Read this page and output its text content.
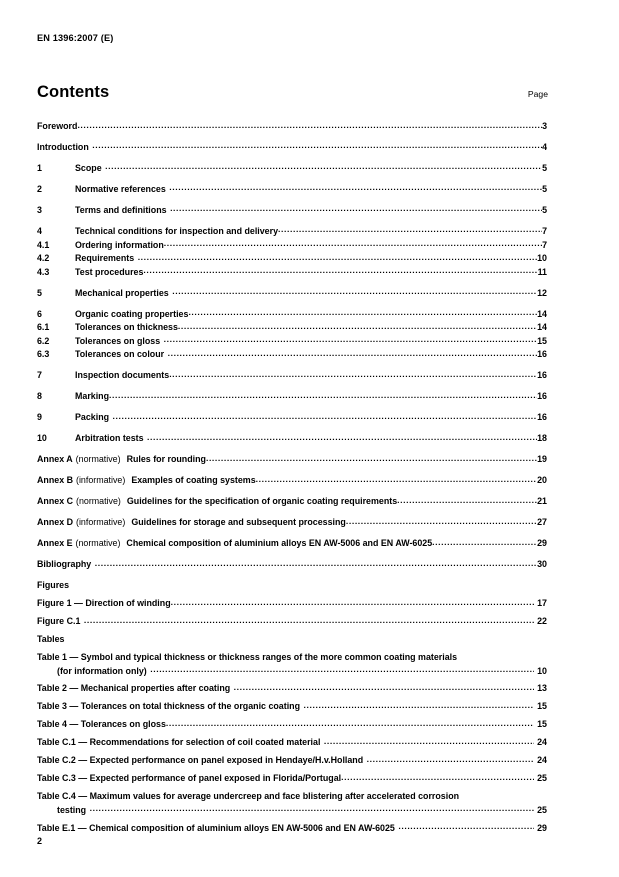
EN 1396:2007 (E)
Contents	Page
Foreword .....	3
Introduction .....	4
1	Scope .....	5
2	Normative references .....	5
3	Terms and definitions .....	5
4	Technical conditions for inspection and delivery .....	7
4.1	Ordering information .....	7
4.2	Requirements .....	10
4.3	Test procedures .....	11
5	Mechanical properties .....	12
6	Organic coating properties .....	14
6.1	Tolerances on thickness .....	14
6.2	Tolerances on gloss .....	15
6.3	Tolerances on colour .....	16
7	Inspection documents .....	16
8	Marking .....	16
9	Packing .....	16
10	Arbitration tests .....	18
Annex A (normative) Rules for rounding .....	19
Annex B (informative) Examples of coating systems .....	20
Annex C (normative) Guidelines for the specification of organic coating requirements .....	21
Annex D (informative) Guidelines for storage and subsequent processing .....	27
Annex E (normative) Chemical composition of aluminium alloys EN AW-5006 and EN AW-6025 .....	29
Bibliography .....	30
Figures
Figure 1 — Direction of winding .....	17
Figure C.1 .....	22
Tables
Table 1 — Symbol and typical thickness or thickness ranges of the more common coating materials
(for information only) .....	10
Table 2 — Mechanical properties after coating .....	13
Table 3 — Tolerances on total thickness of the organic coating .....	15
Table 4 — Tolerances on gloss .....	15
Table C.1 — Recommendations for selection of coil coated material .....	24
Table C.2 — Expected performance on panel exposed in Hendaye/H.v.Holland .....	24
Table C.3 — Expected performance of panel exposed in Florida/Portugal .....	25
Table C.4 — Maximum values for average undercreep and face blistering after accelerated corrosion
testing .....	25
Table E.1 — Chemical composition of aluminium alloys EN AW-5006 and EN AW-6025 .....	29
2
